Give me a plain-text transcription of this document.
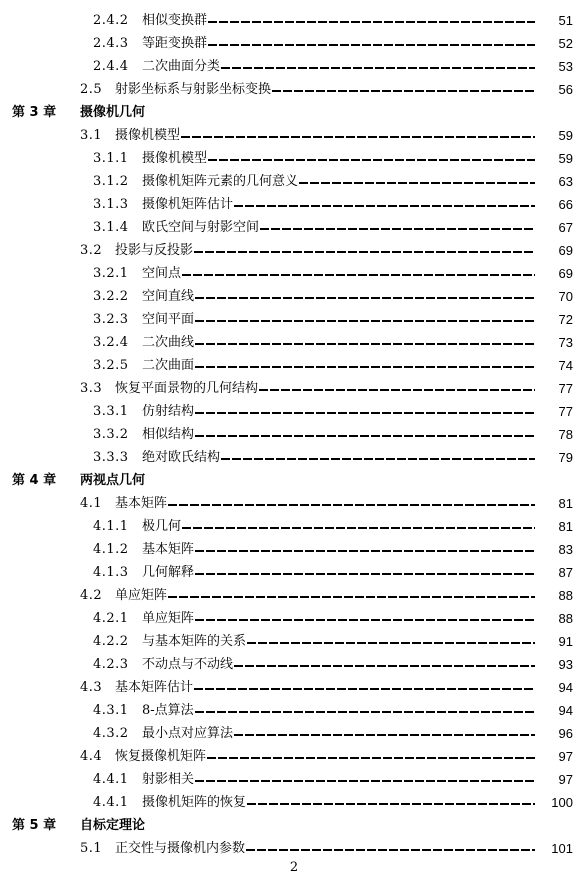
2.4.2 相似变换群	51
2.4.3 等距变换群	52
2.4.4 二次曲面分类	53
2.5 射影坐标系与射影坐标变换	56
第 3 章 摄像机几何
3.1 摄像机模型	59
3.1.1 摄像机模型	59
3.1.2 摄像机矩阵元素的几何意义	63
3.1.3 摄像机矩阵估计	66
3.1.4 欧氏空间与射影空间	67
3.2 投影与反投影	69
3.2.1 空间点	69
3.2.2 空间直线	70
3.2.3 空间平面	72
3.2.4 二次曲线	73
3.2.5 二次曲面	74
3.3 恢复平面景物的几何结构	77
3.3.1 仿射结构	77
3.3.2 相似结构	78
3.3.3 绝对欧氏结构	79
第 4 章 两视点几何
4.1 基本矩阵	81
4.1.1 极几何	81
4.1.2 基本矩阵	83
4.1.3 几何解释	87
4.2 单应矩阵	88
4.2.1 单应矩阵	88
4.2.2 与基本矩阵的关系	91
4.2.3 不动点与不动线	93
4.3 基本矩阵估计	94
4.3.1 8-点算法	94
4.3.2 最小点对应算法	96
4.4 恢复摄像机矩阵	97
4.4.1 射影相关	97
4.4.1 摄像机矩阵的恢复	100
第 5 章 自标定理论
5.1 正交性与摄像机内参数	101
2
